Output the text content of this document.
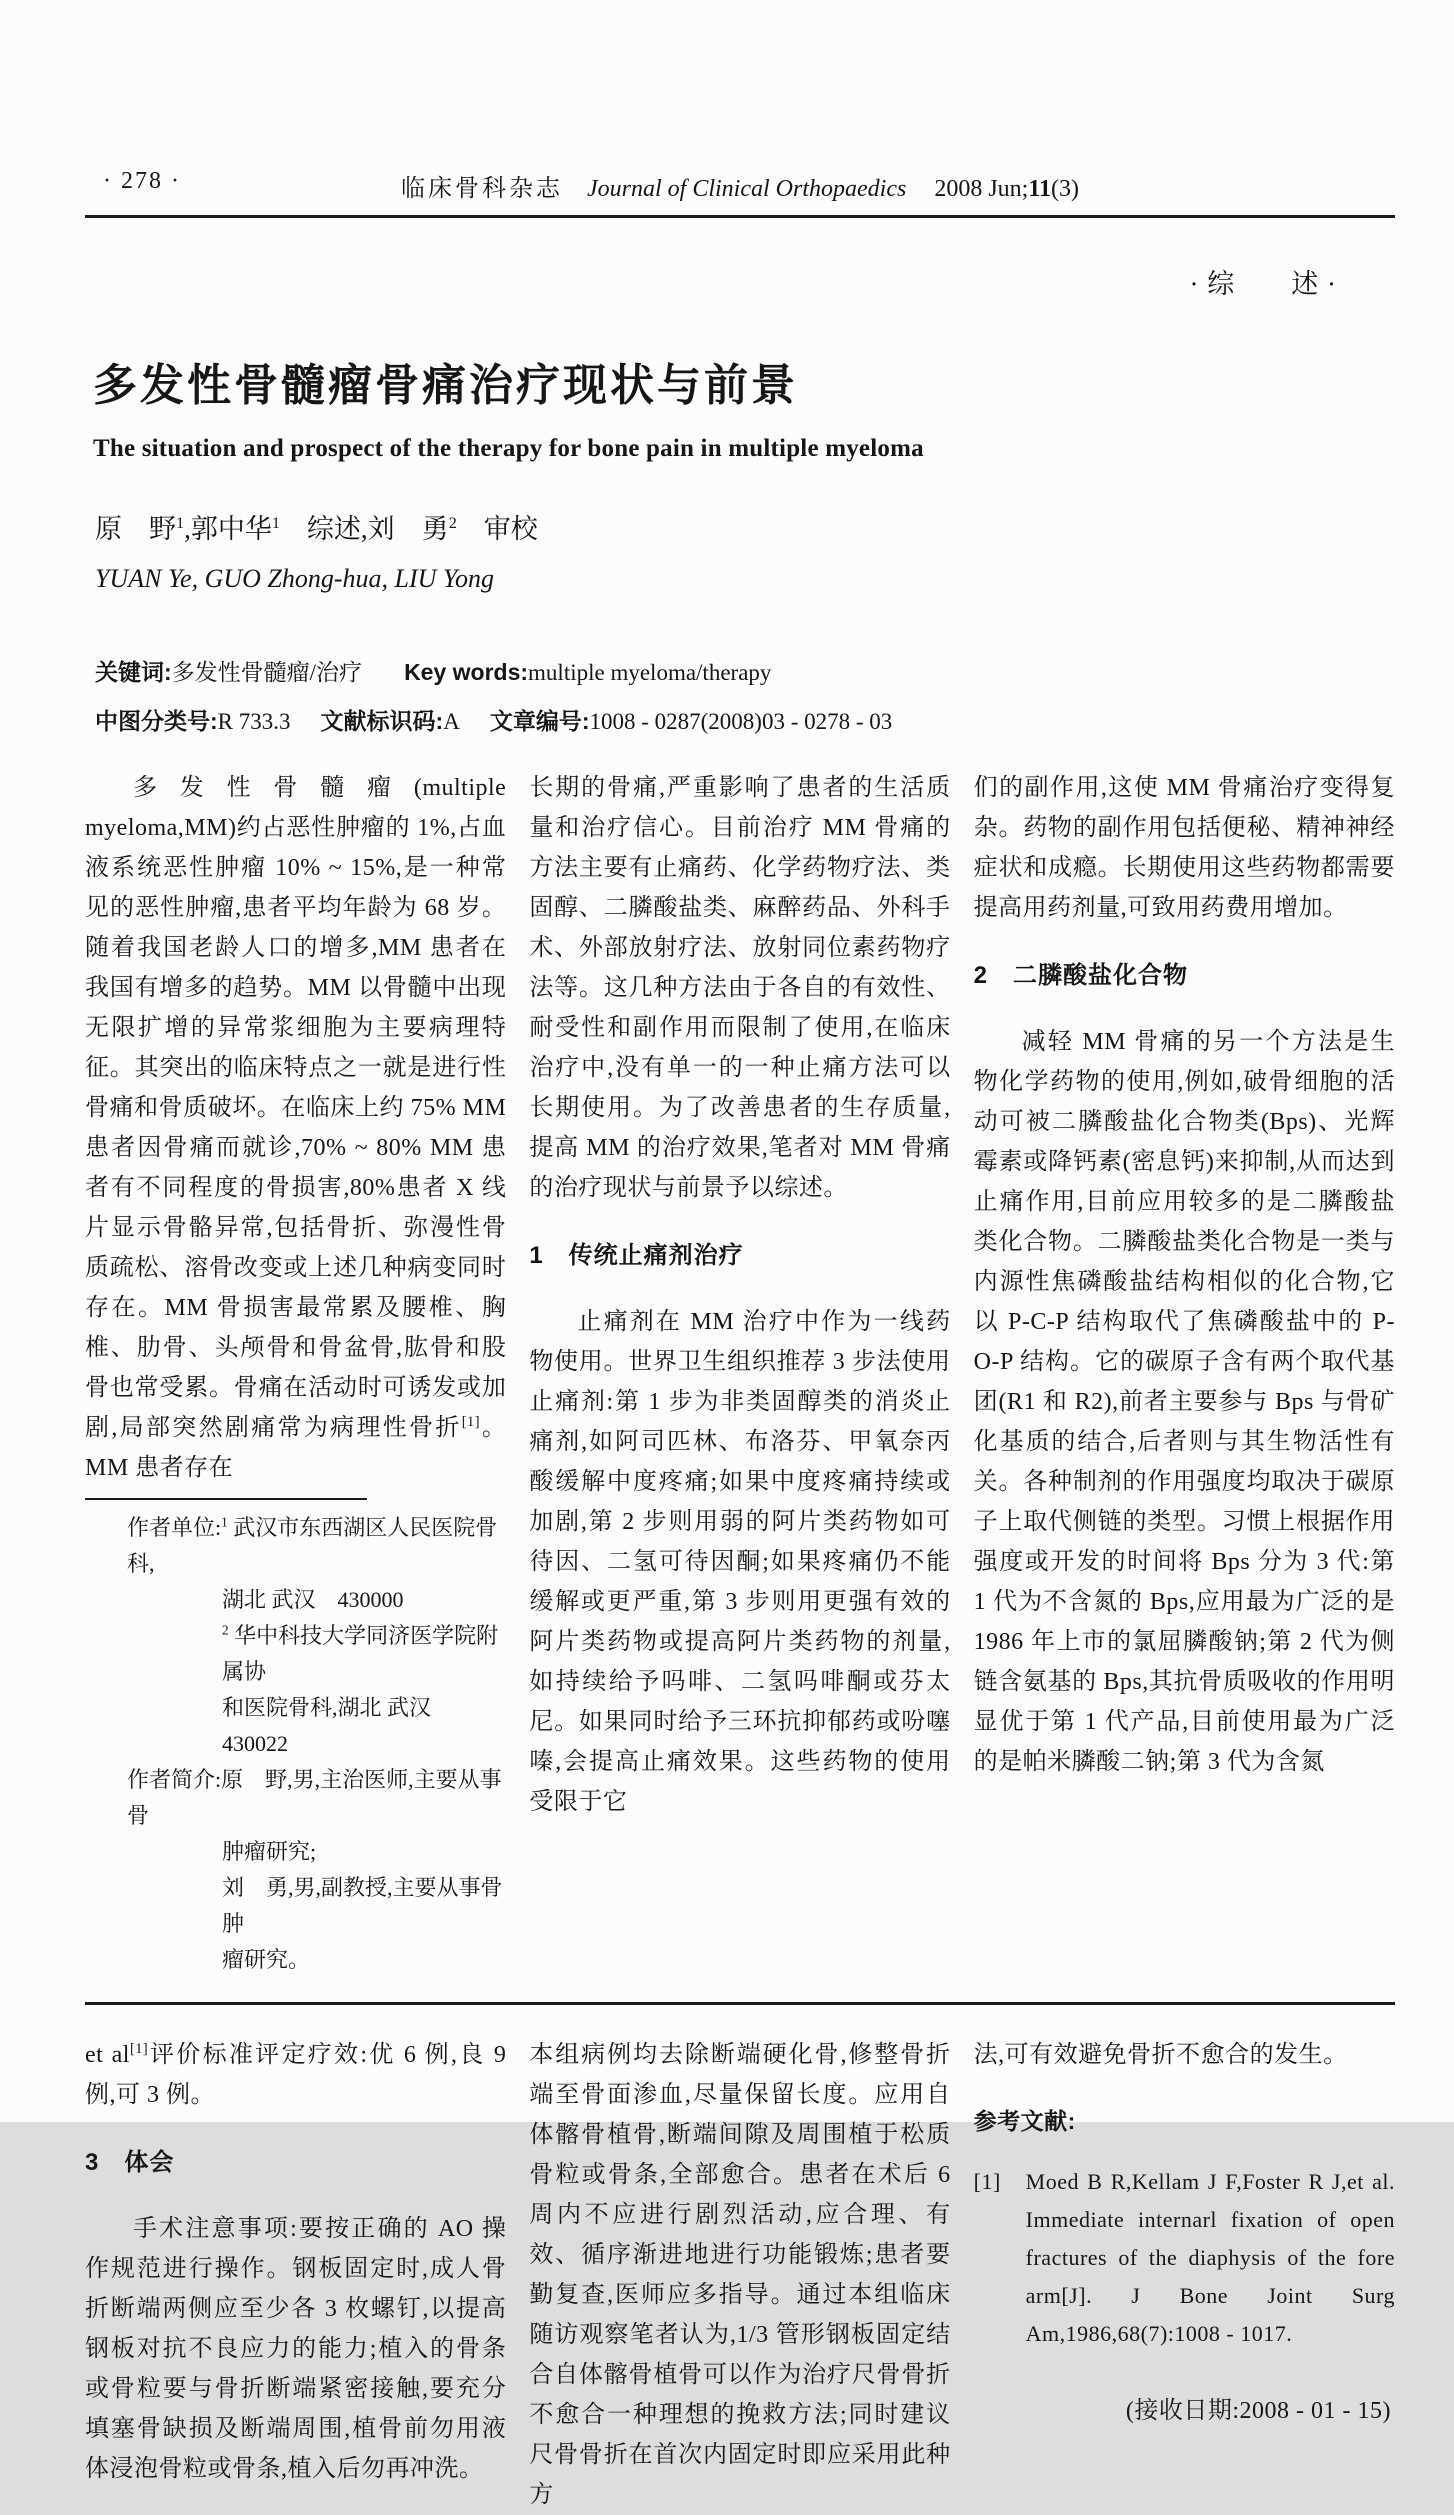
· 278 ·	临床骨科杂志 Journal of Clinical Orthopaedics 2008 Jun;11(3)
· 综　　述 ·
多发性骨髓瘤骨痛治疗现状与前景
The situation and prospect of the therapy for bone pain in multiple myeloma
原　野$^1$,郭中华$^1$　综述,刘　勇$^2$　审校
YUAN Ye, GUO Zhong-hua, LIU Yong
关键词:多发性骨髓瘤/治疗 Key words:multiple myeloma/therapy
中图分类号:R 733.3 文献标识码:A 文章编号:1008 - 0287(2008)03 - 0278 - 03

多发性骨髓瘤(multiple myeloma,MM)约占恶性肿瘤的 1%,占血液系统恶性肿瘤 10% ~ 15%,是一种常见的恶性肿瘤,患者平均年龄为 68 岁。随着我国老龄人口的增多,MM 患者在我国有增多的趋势。MM 以骨髓中出现无限扩增的异常浆细胞为主要病理特征。其突出的临床特点之一就是进行性骨痛和骨质破坏。在临床上约 75% MM 患者因骨痛而就诊,70% ~ 80% MM 患者有不同程度的骨损害,80%患者 X 线片显示骨骼异常,包括骨折、弥漫性骨质疏松、溶骨改变或上述几种病变同时存在。MM 骨损害最常累及腰椎、胸椎、肋骨、头颅骨和骨盆骨,肱骨和股骨也常受累。骨痛在活动时可诱发或加剧,局部突然剧痛常为病理性骨折[1]。MM 患者存在

作者单位:$^1$ 武汉市东西湖区人民医院骨科,
湖北 武汉　430000
$^2$ 华中科技大学同济医学院附属协
和医院骨科,湖北 武汉　430022
作者简介:原　野,男,主治医师,主要从事骨
肿瘤研究;
刘　勇,男,副教授,主要从事骨肿
瘤研究。

长期的骨痛,严重影响了患者的生活质量和治疗信心。目前治疗 MM 骨痛的方法主要有止痛药、化学药物疗法、类固醇、二膦酸盐类、麻醉药品、外科手术、外部放射疗法、放射同位素药物疗法等。这几种方法由于各自的有效性、耐受性和副作用而限制了使用,在临床治疗中,没有单一的一种止痛方法可以长期使用。为了改善患者的生存质量,提高 MM 的治疗效果,笔者对 MM 骨痛的治疗现状与前景予以综述。

1　传统止痛剂治疗

止痛剂在 MM 治疗中作为一线药物使用。世界卫生组织推荐 3 步法使用止痛剂:第 1 步为非类固醇类的消炎止痛剂,如阿司匹林、布洛芬、甲氧奈丙酸缓解中度疼痛;如果中度疼痛持续或加剧,第 2 步则用弱的阿片类药物如可待因、二氢可待因酮;如果疼痛仍不能缓解或更严重,第 3 步则用更强有效的阿片类药物或提高阿片类药物的剂量,如持续给予吗啡、二氢吗啡酮或芬太尼。如果同时给予三环抗抑郁药或吩噻嗪,会提高止痛效果。这些药物的使用受限于它

们的副作用,这使 MM 骨痛治疗变得复杂。药物的副作用包括便秘、精神神经症状和成瘾。长期使用这些药物都需要提高用药剂量,可致用药费用增加。

2　二膦酸盐化合物

减轻 MM 骨痛的另一个方法是生物化学药物的使用,例如,破骨细胞的活动可被二膦酸盐化合物类(Bps)、光辉霉素或降钙素(密息钙)来抑制,从而达到止痛作用,目前应用较多的是二膦酸盐类化合物。二膦酸盐类化合物是一类与内源性焦磷酸盐结构相似的化合物,它以 P-C-P 结构取代了焦磷酸盐中的 P-O-P 结构。它的碳原子含有两个取代基团(R1 和 R2),前者主要参与 Bps 与骨矿化基质的结合,后者则与其生物活性有关。各种制剂的作用强度均取决于碳原子上取代侧链的类型。习惯上根据作用强度或开发的时间将 Bps 分为 3 代:第 1 代为不含氮的 Bps,应用最为广泛的是 1986 年上市的氯屈膦酸钠;第 2 代为侧链含氨基的 Bps,其抗骨质吸收的作用明显优于第 1 代产品,目前使用最为广泛的是帕米膦酸二钠;第 3 代为含氮

et al[1]评价标准评定疗效:优 6 例,良 9 例,可 3 例。

3　体会

手术注意事项:要按正确的 AO 操作规范进行操作。钢板固定时,成人骨折断端两侧应至少各 3 枚螺钉,以提高钢板对抗不良应力的能力;植入的骨条或骨粒要与骨折断端紧密接触,要充分填塞骨缺损及断端周围,植骨前勿用液体浸泡骨粒或骨条,植入后勿再冲洗。

本组病例均去除断端硬化骨,修整骨折端至骨面渗血,尽量保留长度。应用自体髂骨植骨,断端间隙及周围植于松质骨粒或骨条,全部愈合。患者在术后 6 周内不应进行剧烈活动,应合理、有效、循序渐进地进行功能锻炼;患者要勤复查,医师应多指导。通过本组临床随访观察笔者认为,1/3 管形钢板固定结合自体髂骨植骨可以作为治疗尺骨骨折不愈合一种理想的挽救方法;同时建议尺骨骨折在首次内固定时即应采用此种方

法,可有效避免骨折不愈合的发生。

参考文献:
[1] Moed B R,Kellam J F,Foster R J,et al. Immediate internarl fixation of open fractures of the diaphysis of the fore arm[J]. J Bone Joint Surg Am,1986,68(7):1008 - 1017.
(接收日期:2008 - 01 - 15)
